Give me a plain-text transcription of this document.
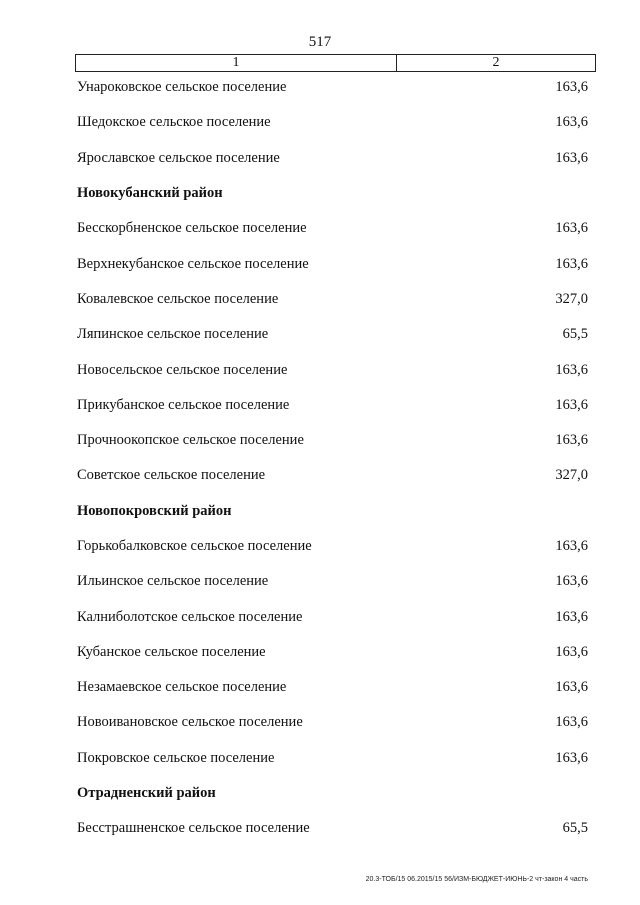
517
1	2
Унароковское сельское поселение	163,6
Шедокское сельское поселение	163,6
Ярославское сельское поселение	163,6
Новокубанский район
Бесскорбненское сельское поселение	163,6
Верхнекубанское сельское поселение	163,6
Ковалевское сельское поселение	327,0
Ляпинское сельское поселение	65,5
Новосельское сельское поселение	163,6
Прикубанское сельское поселение	163,6
Прочноокопское сельское поселение	163,6
Советское сельское поселение	327,0
Новопокровский район
Горькобалковское сельское поселение	163,6
Ильинское сельское поселение	163,6
Калниболотское сельское поселение	163,6
Кубанское сельское поселение	163,6
Незамаевское сельское поселение	163,6
Новоивановское сельское поселение	163,6
Покровское сельское поселение	163,6
Отрадненский район
Бесстрашненское сельское поселение	65,5
20.3-ТОБ/15 06.2015/15 56/ИЗМ-БЮДЖЕТ-ИЮНЬ-2 чт-закон 4 часть
